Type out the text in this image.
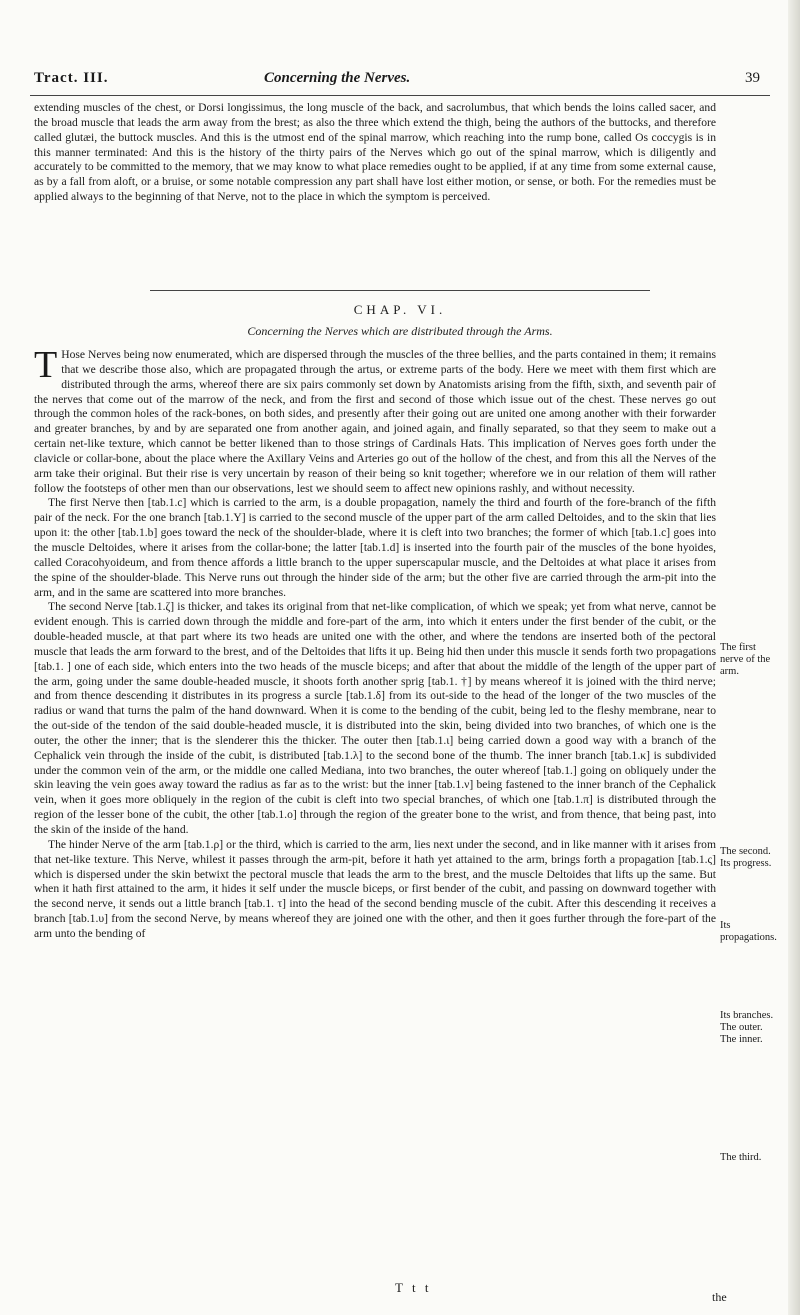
Tract. III.	Concerning the Nerves.	39

extending muscles of the chest, or Dorsi longissimus, the long muscle of the back, and sacrolumbus, that which bends the loins called sacer, and the broad muscle that leads the arm away from the brest; as also the three which extend the thigh, being the authors of the buttocks, and therefore called glutæi, the buttock muscles. And this is the utmost end of the spinal marrow, which reaching into the rump bone, called Os coccygis is in this manner terminated: And this is the history of the thirty pairs of the Nerves which go out of the spinal marrow, which is diligently and accurately to be committed to the memory, that we may know to what place remedies ought to be applied, if at any time from some external cause, as by a fall from aloft, or a bruise, or some notable compression any part shall have lost either motion, or sense, or both. For the remedies must be applied always to the beginning of that Nerve, not to the place in which the symptom is perceived.

CHAP. VI.
Concerning the Nerves which are distributed through the Arms.

T Hose Nerves being now enumerated, which are dispersed through the muscles of the three bellies, and the parts contained in them; it remains that we describe those also, which are propagated through the artus, or extreme parts of the body. Here we meet with them first which are distributed through the arms, whereof there are six pairs commonly set down by Anatomists arising from the fifth, sixth, and seventh pair of the nerves that come out of the marrow of the neck, and from the first and second of those which issue out of the chest. These nerves go out through the common holes of the rack-bones, on both sides, and presently after their going out are united one among another with their forwarder and greater branches, by and by are separated one from another again, and joined again, and finally separated, so that they seem to make out a certain net-like texture, which cannot be better likened than to those strings of Cardinals Hats. This implication of Nerves goes forth under the clavicle or collar-bone, about the place where the Axillary Veins and Arteries go out of the hollow of the chest, and from this all the Nerves of the arm take their original. But their rise is very uncertain by reason of their being so knit together; wherefore we in our relation of them will rather follow the footsteps of other men than our observations, lest we should seem to affect new opinions rashly, and without necessity.

The first Nerve then [tab.1.c] which is carried to the arm, is a double propagation, namely the third and fourth of the fore-branch of the fifth pair of the neck. For the one branch [tab.1.Y] is carried to the second muscle of the upper part of the arm called Deltoides, and to the skin that lies upon it: the other [tab.1.b] goes toward the neck of the shoulder-blade, where it is cleft into two branches; the former of which [tab.1.c] goes into the muscle Deltoides, where it arises from the collar-bone; the latter [tab.1.d] is inserted into the fourth pair of the muscles of the bone hyoides, called Coracohyoideum, and from thence affords a little branch to the upper superscapular muscle, and the Deltoides at what place it arises from the spine of the shoulder-blade. This Nerve runs out through the hinder side of the arm; but the other five are carried through the arm-pit into the arm, and in the same are scattered into more branches.

The second Nerve [tab.1.ζ] is thicker, and takes its original from that net-like complication, of which we speak; yet from what nerve, cannot be evident enough. This is carried down through the middle and fore-part of the arm, into which it enters under the first bender of the cubit, or the double-headed muscle, at that part where its two heads are united one with the other, and where the tendons are inserted both of the pectoral muscle that leads the arm forward to the brest, and of the Deltoides that lifts it up. Being hid then under this muscle it sends forth two propagations [tab.1. ] one of each side, which enters into the two heads of the muscle biceps; and after that about the middle of the length of the upper part of the arm, going under the same double-headed muscle, it shoots forth another sprig [tab.1. †] by means whereof it is joined with the third nerve; and from thence descending it distributes in its progress a surcle [tab.1.δ] from its out-side to the head of the longer of the two muscles of the radius or wand that turns the palm of the hand downward. When it is come to the bending of the cubit, being led to the fleshy membrane, near to the out-side of the tendon of the said double-headed muscle, it is distributed into the skin, being divided into two branches, of which one is the outer, the other the inner; that is the slenderer this the thicker. The outer then [tab.1.ι] being carried down a good way with a branch of the Cephalick vein through the inside of the cubit, is distributed [tab.1.λ] to the second bone of the thumb. The inner branch [tab.1.κ] is subdivided under the common vein of the arm, or the middle one called Mediana, into two branches, the outer whereof [tab.1.] going on obliquely under the skin leaving the vein goes away toward the radius as far as to the wrist: but the inner [tab.1.ν] being fastened to the inner branch of the Cephalick vein, when it goes more obliquely in the region of the cubit is cleft into two special branches, of which one [tab.1.π] is distributed through the region of the lesser bone of the cubit, the other [tab.1.ο] through the region of the greater bone to the wrist, and from thence, that being past, into the skin of the inside of the hand.

The hinder Nerve of the arm [tab.1.ρ] or the third, which is carried to the arm, lies next under the second, and in like manner with it arises from that net-like texture. This Nerve, whilest it passes through the arm-pit, before it hath yet attained to the arm, brings forth a propagation [tab.1.ς] which is dispersed under the skin betwixt the pectoral muscle that leads the arm to the brest, and the muscle Deltoides that lifts up the same. But when it hath first attained to the arm, it hides it self under the muscle biceps, or first bender of the cubit, and passing on downward together with the second nerve, it sends out a little branch [tab.1. τ] into the head of the second bending muscle of the cubit. After this descending it receives a branch [tab.1.υ] from the second Nerve, by means whereof they are joined one with the other, and then it goes further through the fore-part of the arm unto the bending of

The first nerve of the arm.
The second. Its progress.
Its propagations.
Its branches. The outer. The inner.
The third.
T t t
the
